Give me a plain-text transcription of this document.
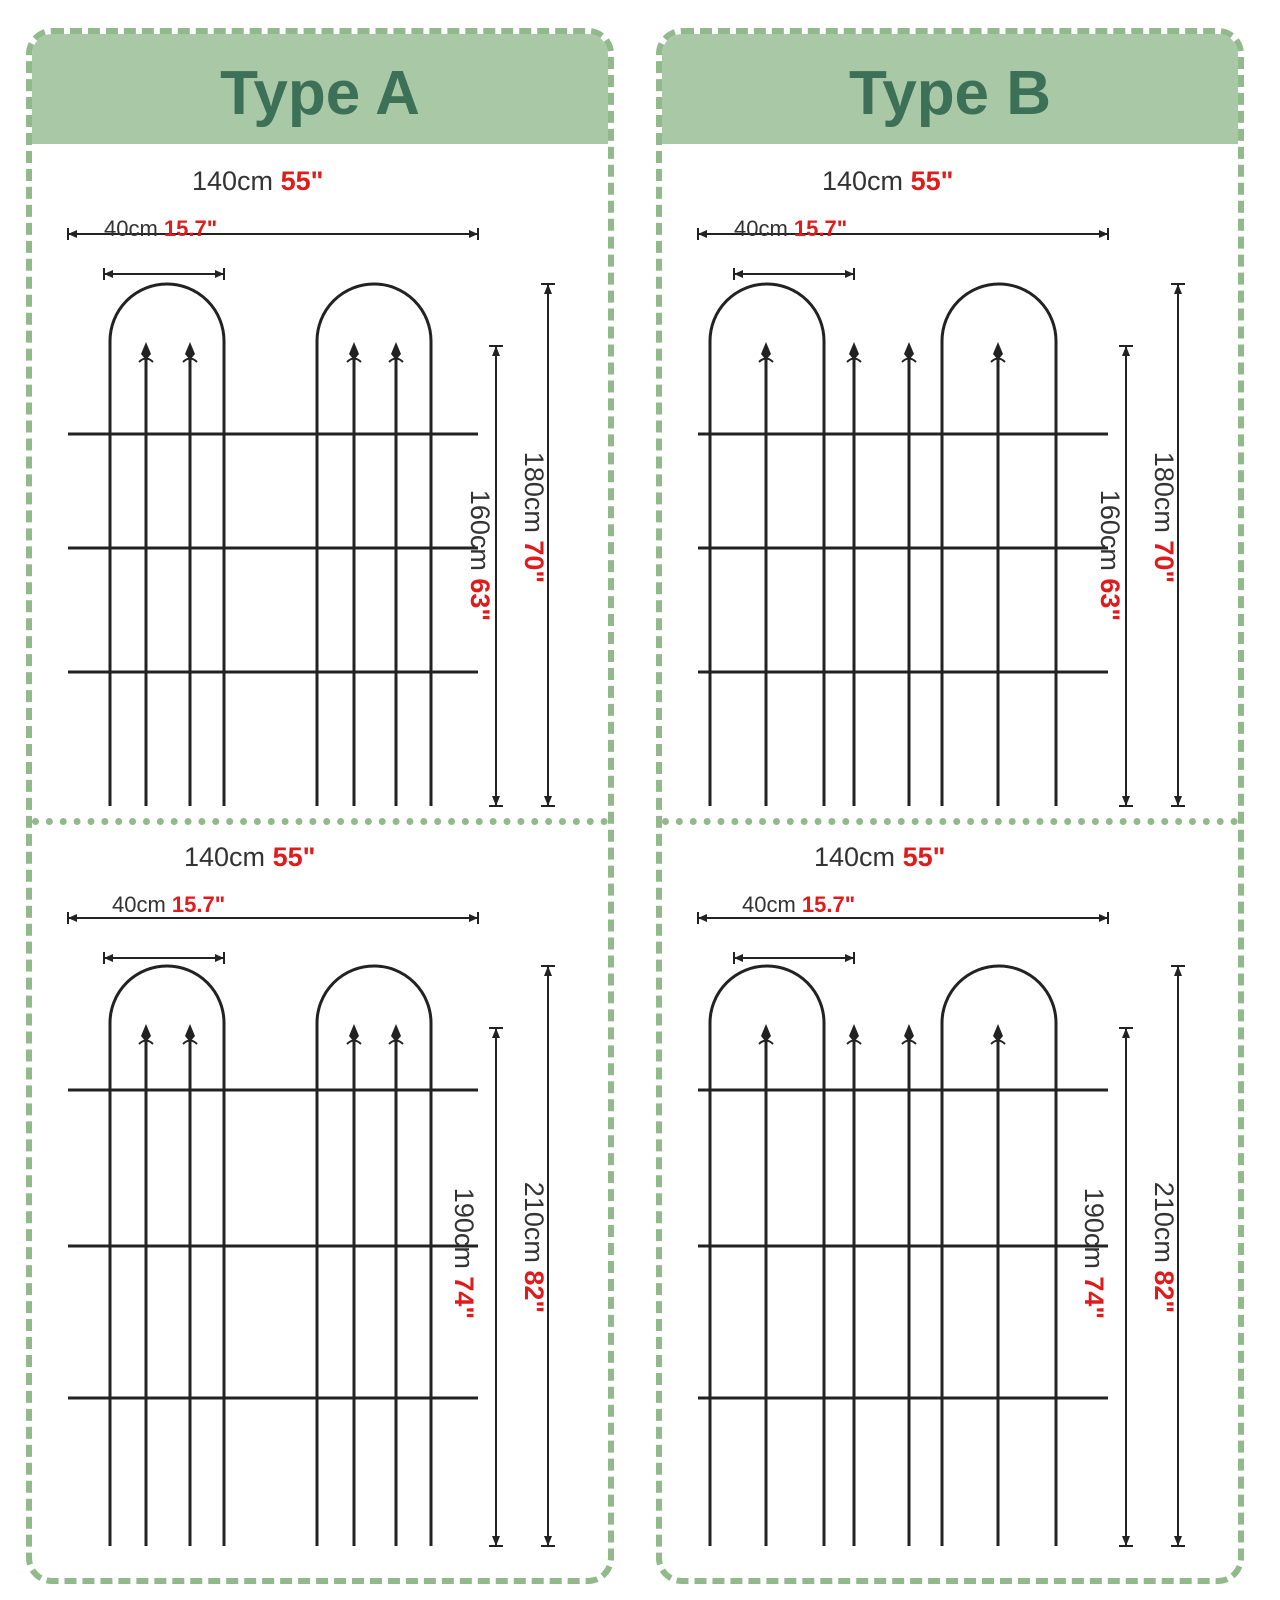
Type A
140cm 55"
40cm 15.7"
160cm 63"
180cm 70"
140cm 55"
40cm 15.7"
190cm 74"
210cm 82"
Type B
140cm 55"
40cm 15.7"
160cm 63"
180cm 70"
140cm 55"
40cm 15.7"
190cm 74"
210cm 82"
